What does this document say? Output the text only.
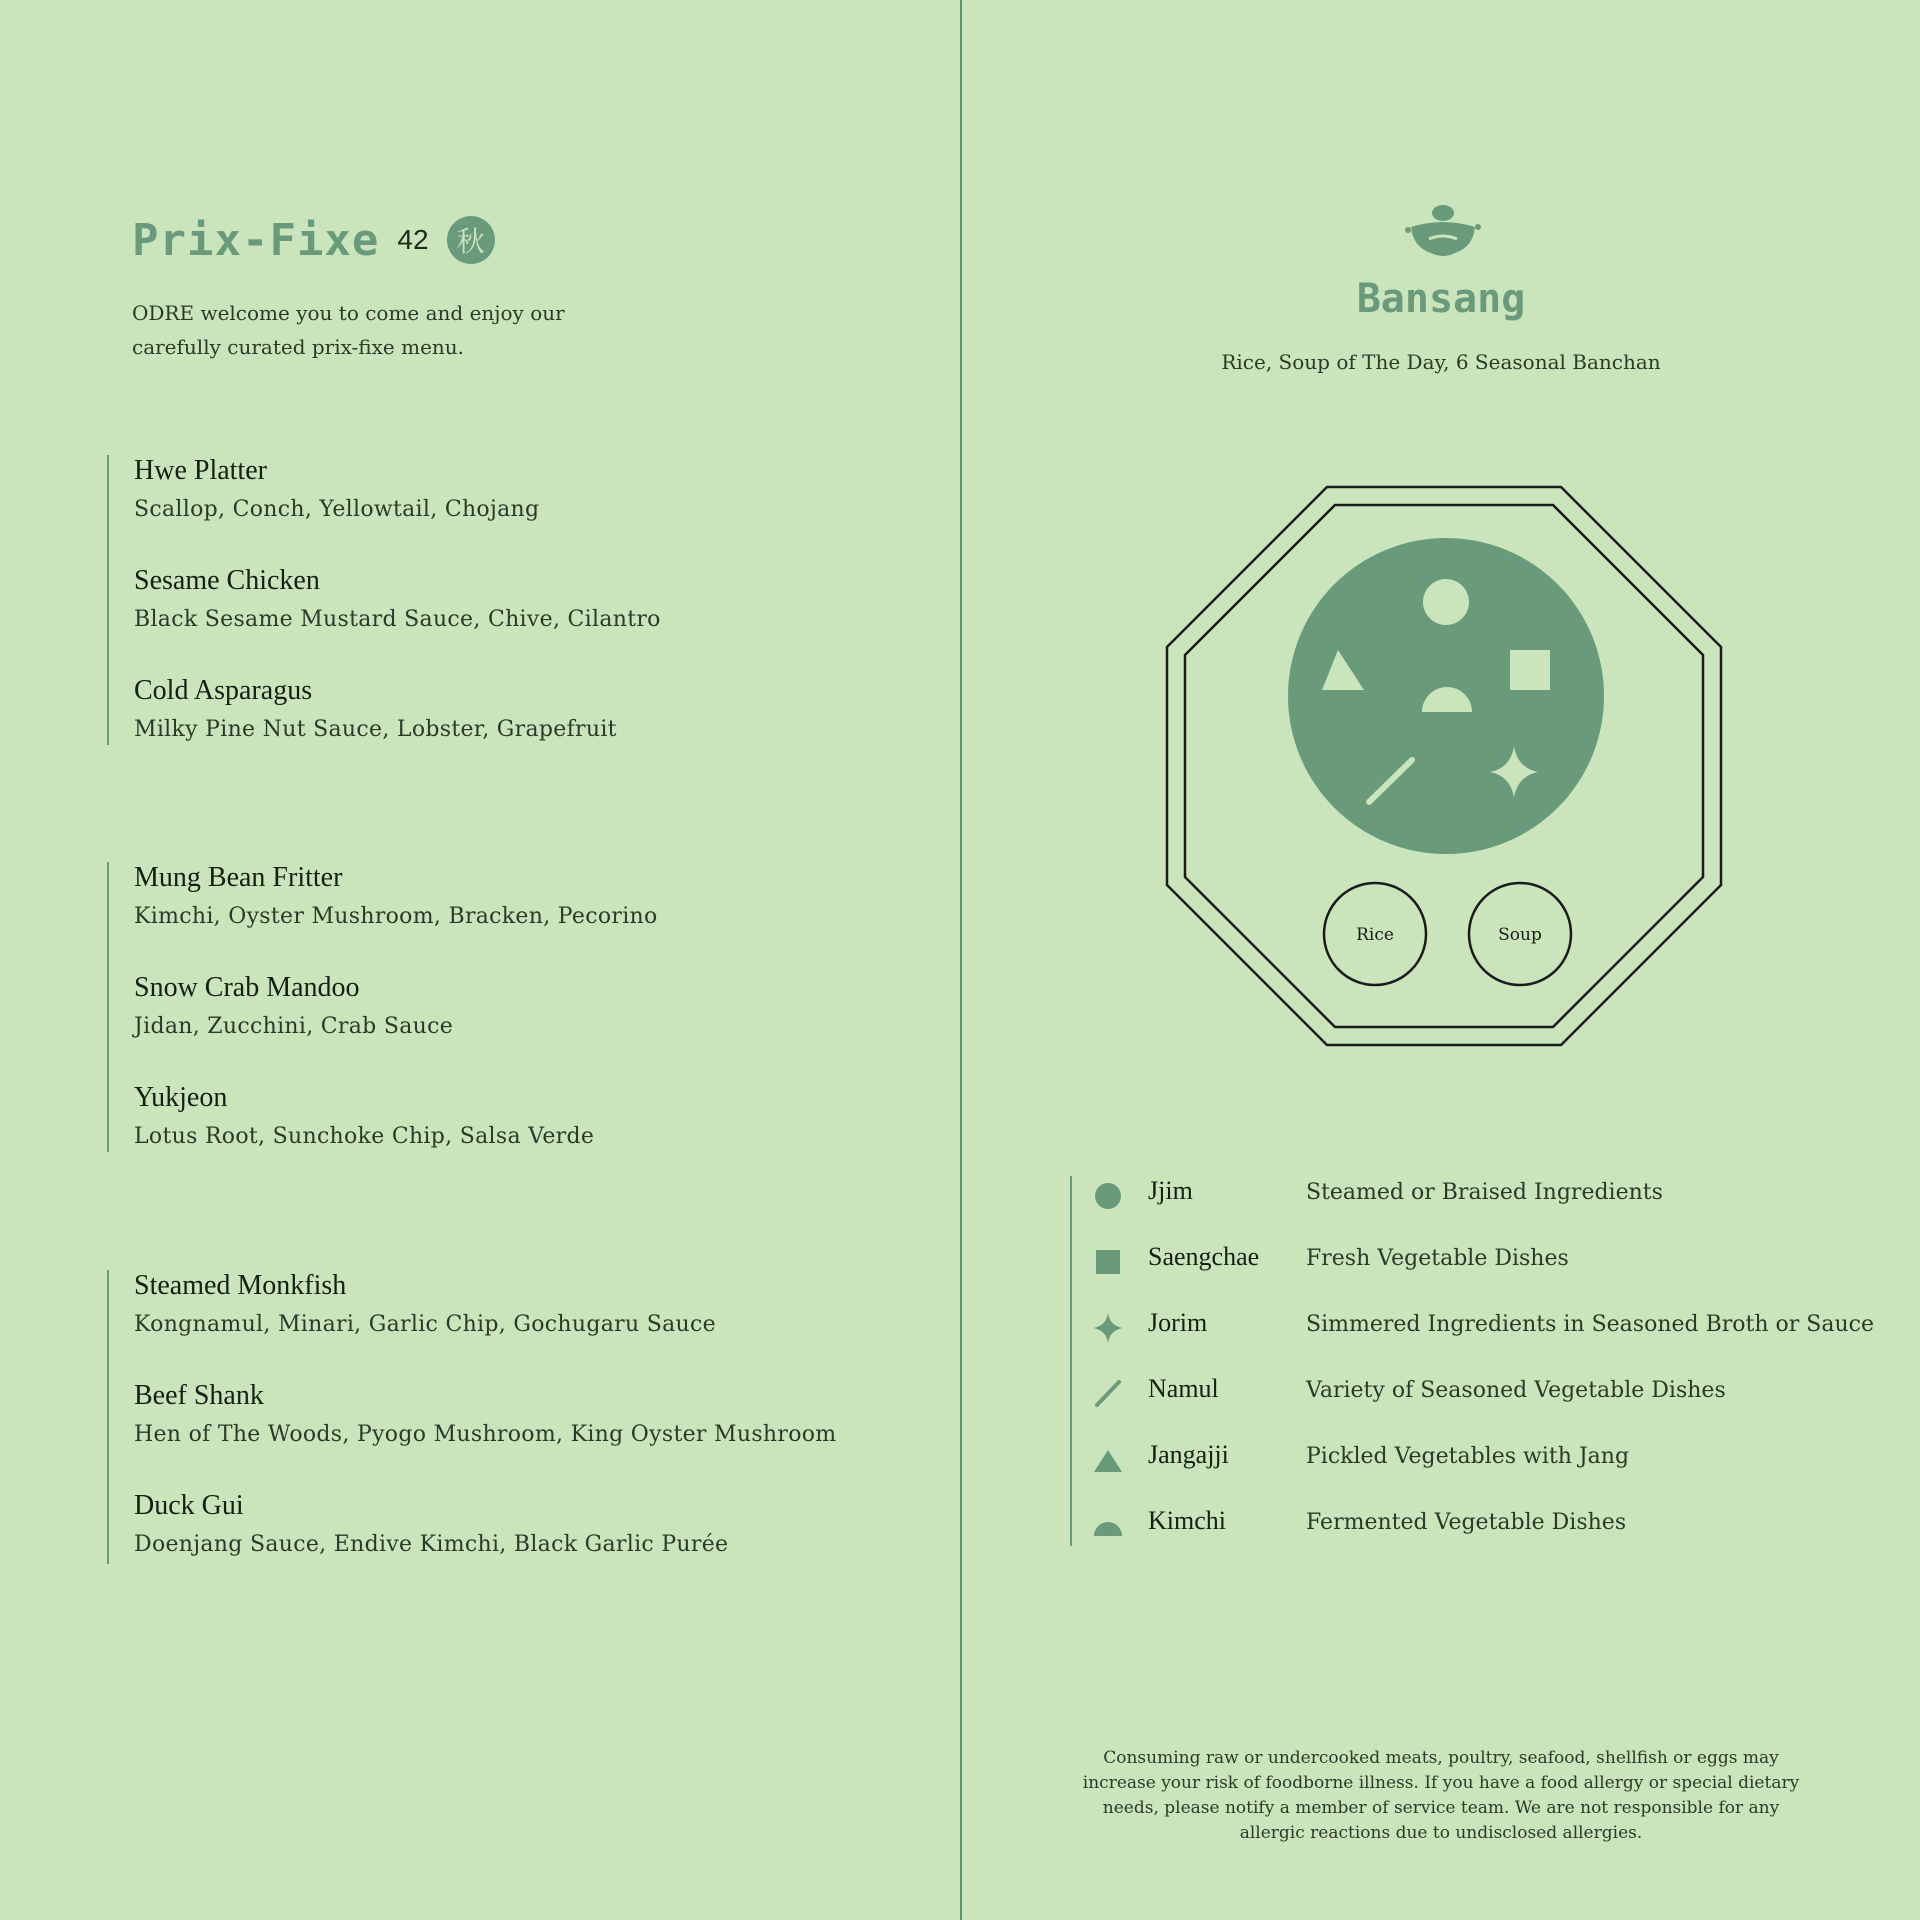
Prix-Fixe 42 秋
ODRE welcome you to come and enjoy our carefully curated prix-fixe menu.
Hwe Platter
Scallop, Conch, Yellowtail, Chojang
Sesame Chicken
Black Sesame Mustard Sauce, Chive, Cilantro
Cold Asparagus
Milky Pine Nut Sauce, Lobster, Grapefruit
Mung Bean Fritter
Kimchi, Oyster Mushroom, Bracken, Pecorino
Snow Crab Mandoo
Jidan, Zucchini, Crab Sauce
Yukjeon
Lotus Root, Sunchoke Chip, Salsa Verde
Steamed Monkfish
Kongnamul, Minari, Garlic Chip, Gochugaru Sauce
Beef Shank
Hen of The Woods, Pyogo Mushroom, King Oyster Mushroom
Duck Gui
Doenjang Sauce, Endive Kimchi, Black Garlic Purée
Bansang
Rice, Soup of The Day, 6 Seasonal Banchan
Rice	Soup
Jjim	Steamed or Braised Ingredients
Saengchae Fresh Vegetable Dishes
Jorim	Simmered Ingredients in Seasoned Broth or Sauce
Namul	Variety of Seasoned Vegetable Dishes
Jangajji	Pickled Vegetables with Jang
Kimchi	Fermented Vegetable Dishes
Consuming raw or undercooked meats, poultry, seafood, shellfish or eggs may increase your risk of foodborne illness. If you have a food allergy or special dietary needs, please notify a member of service team. We are not responsible for any allergic reactions due to undisclosed allergies.
